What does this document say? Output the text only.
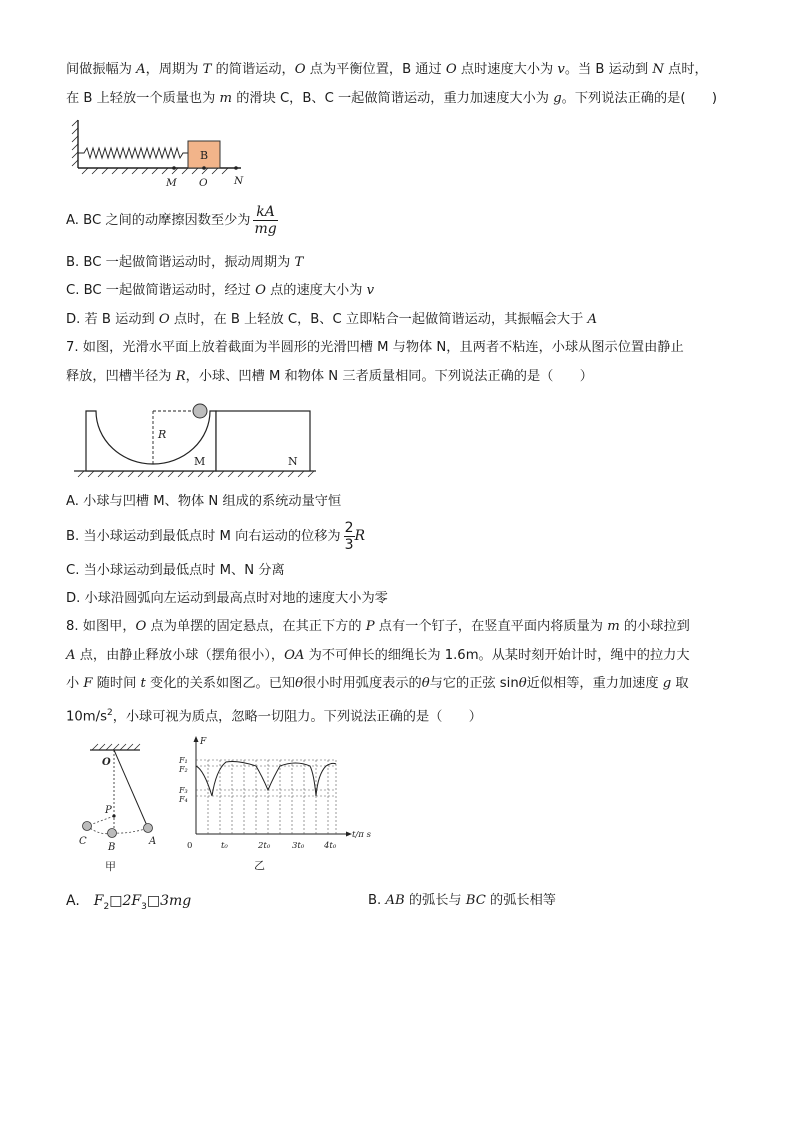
间做振幅为 A，周期为 T 的简谐运动，O 点为平衡位置，B 通过 O 点时速度大小为 v。当 B 运动到 N 点时，
在 B 上轻放一个质量也为 m 的滑块 C，B、C 一起做简谐运动，重力加速度大小为 g。下列说法正确的是(　　)
B
M O	N
A. BC 之间的动摩擦因数至少为 $\frac{kA}{mg}$
B. BC 一起做简谐运动时，振动周期为 T
C. BC 一起做简谐运动时，经过 O 点的速度大小为 v
D. 若 B 运动到 O 点时，在 B 上轻放 C，B、C 立即粘合一起做简谐运动，其振幅会大于 A
7. 如图，光滑水平面上放着截面为半圆形的光滑凹槽 M 与物体 N，且两者不粘连，小球从图示位置由静止
释放，凹槽半径为 R，小球、凹槽 M 和物体 N 三者质量相同。下列说法正确的是（　　）
R
M	N
A. 小球与凹槽 M、物体 N 组成的系统动量守恒
B. 当小球运动到最低点时 M 向右运动的位移为 $\frac{2}{3}$ R
C. 当小球运动到最低点时 M、N 分离
D. 小球沿圆弧向左运动到最高点时对地的速度大小为零
8. 如图甲，O 点为单摆的固定悬点，在其正下方的 P 点有一个钉子，在竖直平面内将质量为 m 的小球拉到
A 点，由静止释放小球（摆角很小），OA 为不可伸长的细绳长为 1.6m。从某时刻开始计时，绳中的拉力大
小 F 随时间 t 变化的关系如图乙。已知θ很小时用弧度表示的θ与它的正弦 sinθ近似相等，重力加速度 g 取
$10m/s^2$，小球可视为质点，忽略一切阻力。下列说法正确的是（　　）
O
P
A
B
C
甲
F₁
F₂
F₃
F₄
F
0	t₀	2t₀	3t₀ 4t₀
t/π s
乙
A.　$F_2□2F_3□3mg$	B. AB 的弧长与 BC 的弧长相等
